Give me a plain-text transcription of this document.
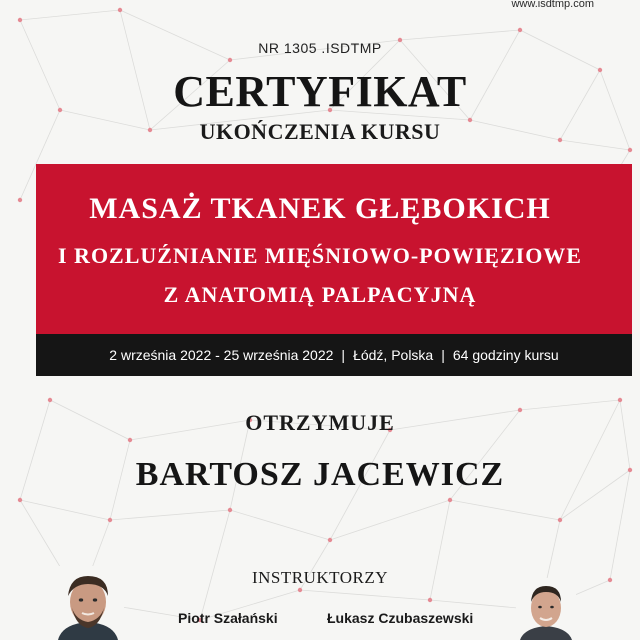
www.isdtmp.com
NR 1305 .ISDTMP
CERTYFIKAT
UKOŃCZENIA KURSU
MASAŻ TKANEK GŁĘBOKICH
I ROZLUŹNIANIE MIĘŚNIOWO-POWIĘZIOWE
Z ANATOMIĄ PALPACYJNĄ
2 września 2022 - 25 września 2022 | Łódź, Polska | 64 godziny kursu
OTRZYMUJE
BARTOSZ JACEWICZ
INSTRUKTORZY
Piotr Szałański	Łukasz Czubaszewski
